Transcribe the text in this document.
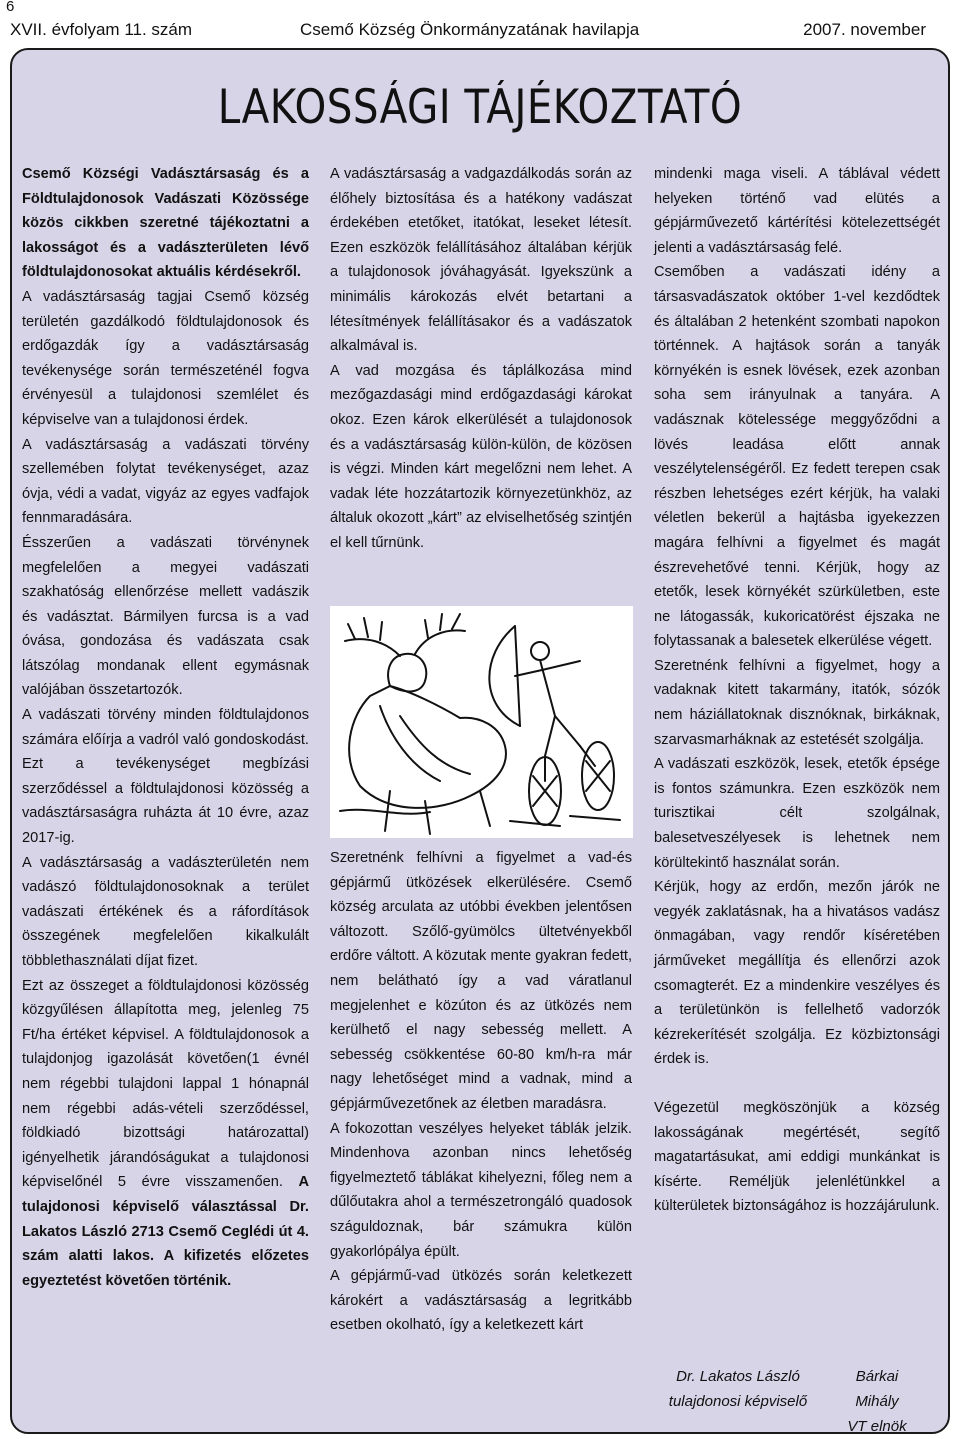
6
XVII. évfolyam 11. szám	Csemő Község Önkormányzatának havilapja	2007. november
LAKOSSÁGI TÁJÉKOZTATÓ

Csemő Községi Vadásztársaság és a Földtulajdonosok Vadászati Közössége közös cikkben szeretné tájékoztatni a lakosságot és a vadászterületen lévő földtulajdonosokat aktuális kérdésekről.

A vadásztársaság tagjai Csemő község területén gazdálkodó földtulajdonosok és erdőgazdák így a vadásztársaság tevékenysége során természeténél fogva érvényesül a tulajdonosi szemlélet és képviselve van a tulajdonosi érdek.

A vadásztársaság a vadászati törvény szellemében folytat tevékenységet, azaz óvja, védi a vadat, vigyáz az egyes vadfajok fennmaradására.

Ésszerűen a vadászati törvénynek megfelelően a megyei vadászati szakhatóság ellenőrzése mellett vadászik és vadásztat. Bármilyen furcsa is a vad óvása, gondozása és vadászata csak látszólag mondanak ellent egymásnak valójában összetartozók.

A vadászati törvény minden földtulajdonos számára előírja a vadról való gondoskodást. Ezt a tevékenységet megbízási szerződéssel a földtulajdonosi közösség a vadásztársaságra ruházta át 10 évre, azaz 2017-ig.

A vadásztársaság a vadászterületén nem vadászó földtulajdonosoknak a terület vadászati értékének és a ráfordítások összegének megfelelően kikalkulált többlethasználati díjat fizet.

Ezt az összeget a földtulajdonosi közösség közgyűlésen állapította meg, jelenleg 75 Ft/ha értéket képvisel. A földtulajdonosok a tulajdonjog igazolását követően(1 évnél nem régebbi tulajdoni lappal 1 hónapnál nem régebbi adás-vételi szerződéssel, földkiadó bizottsági határozattal) igényelhetik járandóságukat a tulajdonosi képviselőnél 5 évre visszamenően. A tulajdonosi képviselő választással Dr. Lakatos László 2713 Csemő Ceglédi út 4. szám alatti lakos. A kifizetés előzetes egyeztetést követően történik.

A vadásztársaság a vadgazdálkodás során az élőhely biztosítása és a hatékony vadászat érdekében etetőket, itatókat, leseket létesít. Ezen eszközök felállításához általában kérjük a tulajdonosok jóváhagyását. Igyekszünk a minimális károkozás elvét betartani a létesítmények felállításakor és a vadászatok alkalmával is.

A vad mozgása és táplálkozása mind mezőgazdasági mind erdőgazdasági károkat okoz. Ezen károk elkerülését a tulajdonosok és a vadásztársaság külön-külön, de közösen is végzi. Minden kárt megelőzni nem lehet. A vadak léte hozzátartozik környezetünkhöz, az általuk okozott „kárt” az elviselhetőség szintjén el kell tűrnünk.

Szeretnénk felhívni a figyelmet a vad-és gépjármű ütközések elkerülésére. Csemő község arculata az utóbbi években jelentősen változott. Szőlő-gyümölcs ültetvényekből erdőre váltott. A közutak mente gyakran fedett, nem belátható így a vad váratlanul megjelenhet e közúton és az ütközés nem kerülhető el nagy sebesség mellett. A sebesség csökkentése 60-80 km/h-ra már nagy lehetőséget mind a vadnak, mind a gépjárművezetőnek az életben maradásra.

A fokozottan veszélyes helyeket táblák jelzik. Mindenhova azonban nincs lehetőség figyelmeztető táblákat kihelyezni, főleg nem a dűlőutakra ahol a természetrongáló quadosok száguldoznak, bár számukra külön gyakorlópálya épült.

A gépjármű-vad ütközés során keletkezett károkért a vadásztársaság a legritkább esetben okolható, így a keletkezett kárt

mindenki maga viseli. A táblával védett helyeken történő vad elütés a gépjárművezető kártérítési kötelezettségét jelenti a vadásztársaság felé.

Csemőben a vadászati idény a társasvadászatok október 1-vel kezdődtek és általában 2 hetenként szombati napokon történnek. A hajtások során a tanyák környékén is esnek lövések, ezek azonban soha sem irányulnak a tanyára. A vadásznak kötelessége meggyőződni a lövés leadása előtt annak veszélytelenségéről. Ez fedett terepen csak részben lehetséges ezért kérjük, ha valaki véletlen bekerül a hajtásba igyekezzen magára felhívni a figyelmet és magát észrevehetővé tenni. Kérjük, hogy az etetők, lesek környékét szürkületben, este ne látogassák, kukoricatörést éjszaka ne folytassanak a balesetek elkerülése végett.

Szeretnénk felhívni a figyelmet, hogy a vadaknak kitett takarmány, itatók, sózók nem háziállatoknak disznóknak, birkáknak, szarvasmarháknak az estetését szolgálja.

A vadászati eszközök, lesek, etetők épsége is fontos számunkra. Ezen eszközök nem turisztikai célt szolgálnak, balesetveszélyesek is lehetnek nem körültekintő használat során.

Kérjük, hogy az erdőn, mezőn járók ne vegyék zaklatásnak, ha a hivatásos vadász önmagában, vagy rendőr kíséretében járműveket megállítja és ellenőrzi azok csomagterét. Ez a mindenkire veszélyes és a területünkön is fellelhető vadorzók kézrekerítését szolgálja. Ez közbiztonsági érdek is.

Végezetül megköszönjük a község lakosságának megértését, segítő magatartásukat, ami eddigi munkánkat is kísérte. Reméljük jelenlétünkkel a külterületek biztonságához is hozzájárulunk.

Dr. Lakatos László
tulajdonosi képviselő
Bárkai Mihály
VT elnök
